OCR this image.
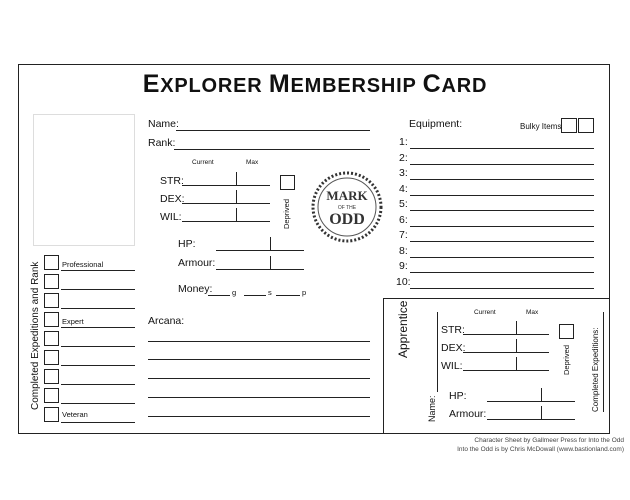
EXPLORER MEMBERSHIP CARD
Completed Expeditions and Rank	Professional
Expert
Veteran
Name:
Rank:
Current	Max
STR:
DEX:
WIL:	Deprived
MARK
OF THE
ODD
HP:
Armour:
Money:	g	s	p
Arcana:
Equipment:	Bulky Items
1:
2:
3:
4:
5:
6:
7:
8:
9:
10:
Apprentice
Name:
Current	Max
STR:
DEX:
WIL:	Deprived	Completed Expeditions:
HP:
Armour:
Character Sheet by Gallmeer Press for Into the Odd
Into the Odd is by Chris McDowall (www.bastionland.com)
